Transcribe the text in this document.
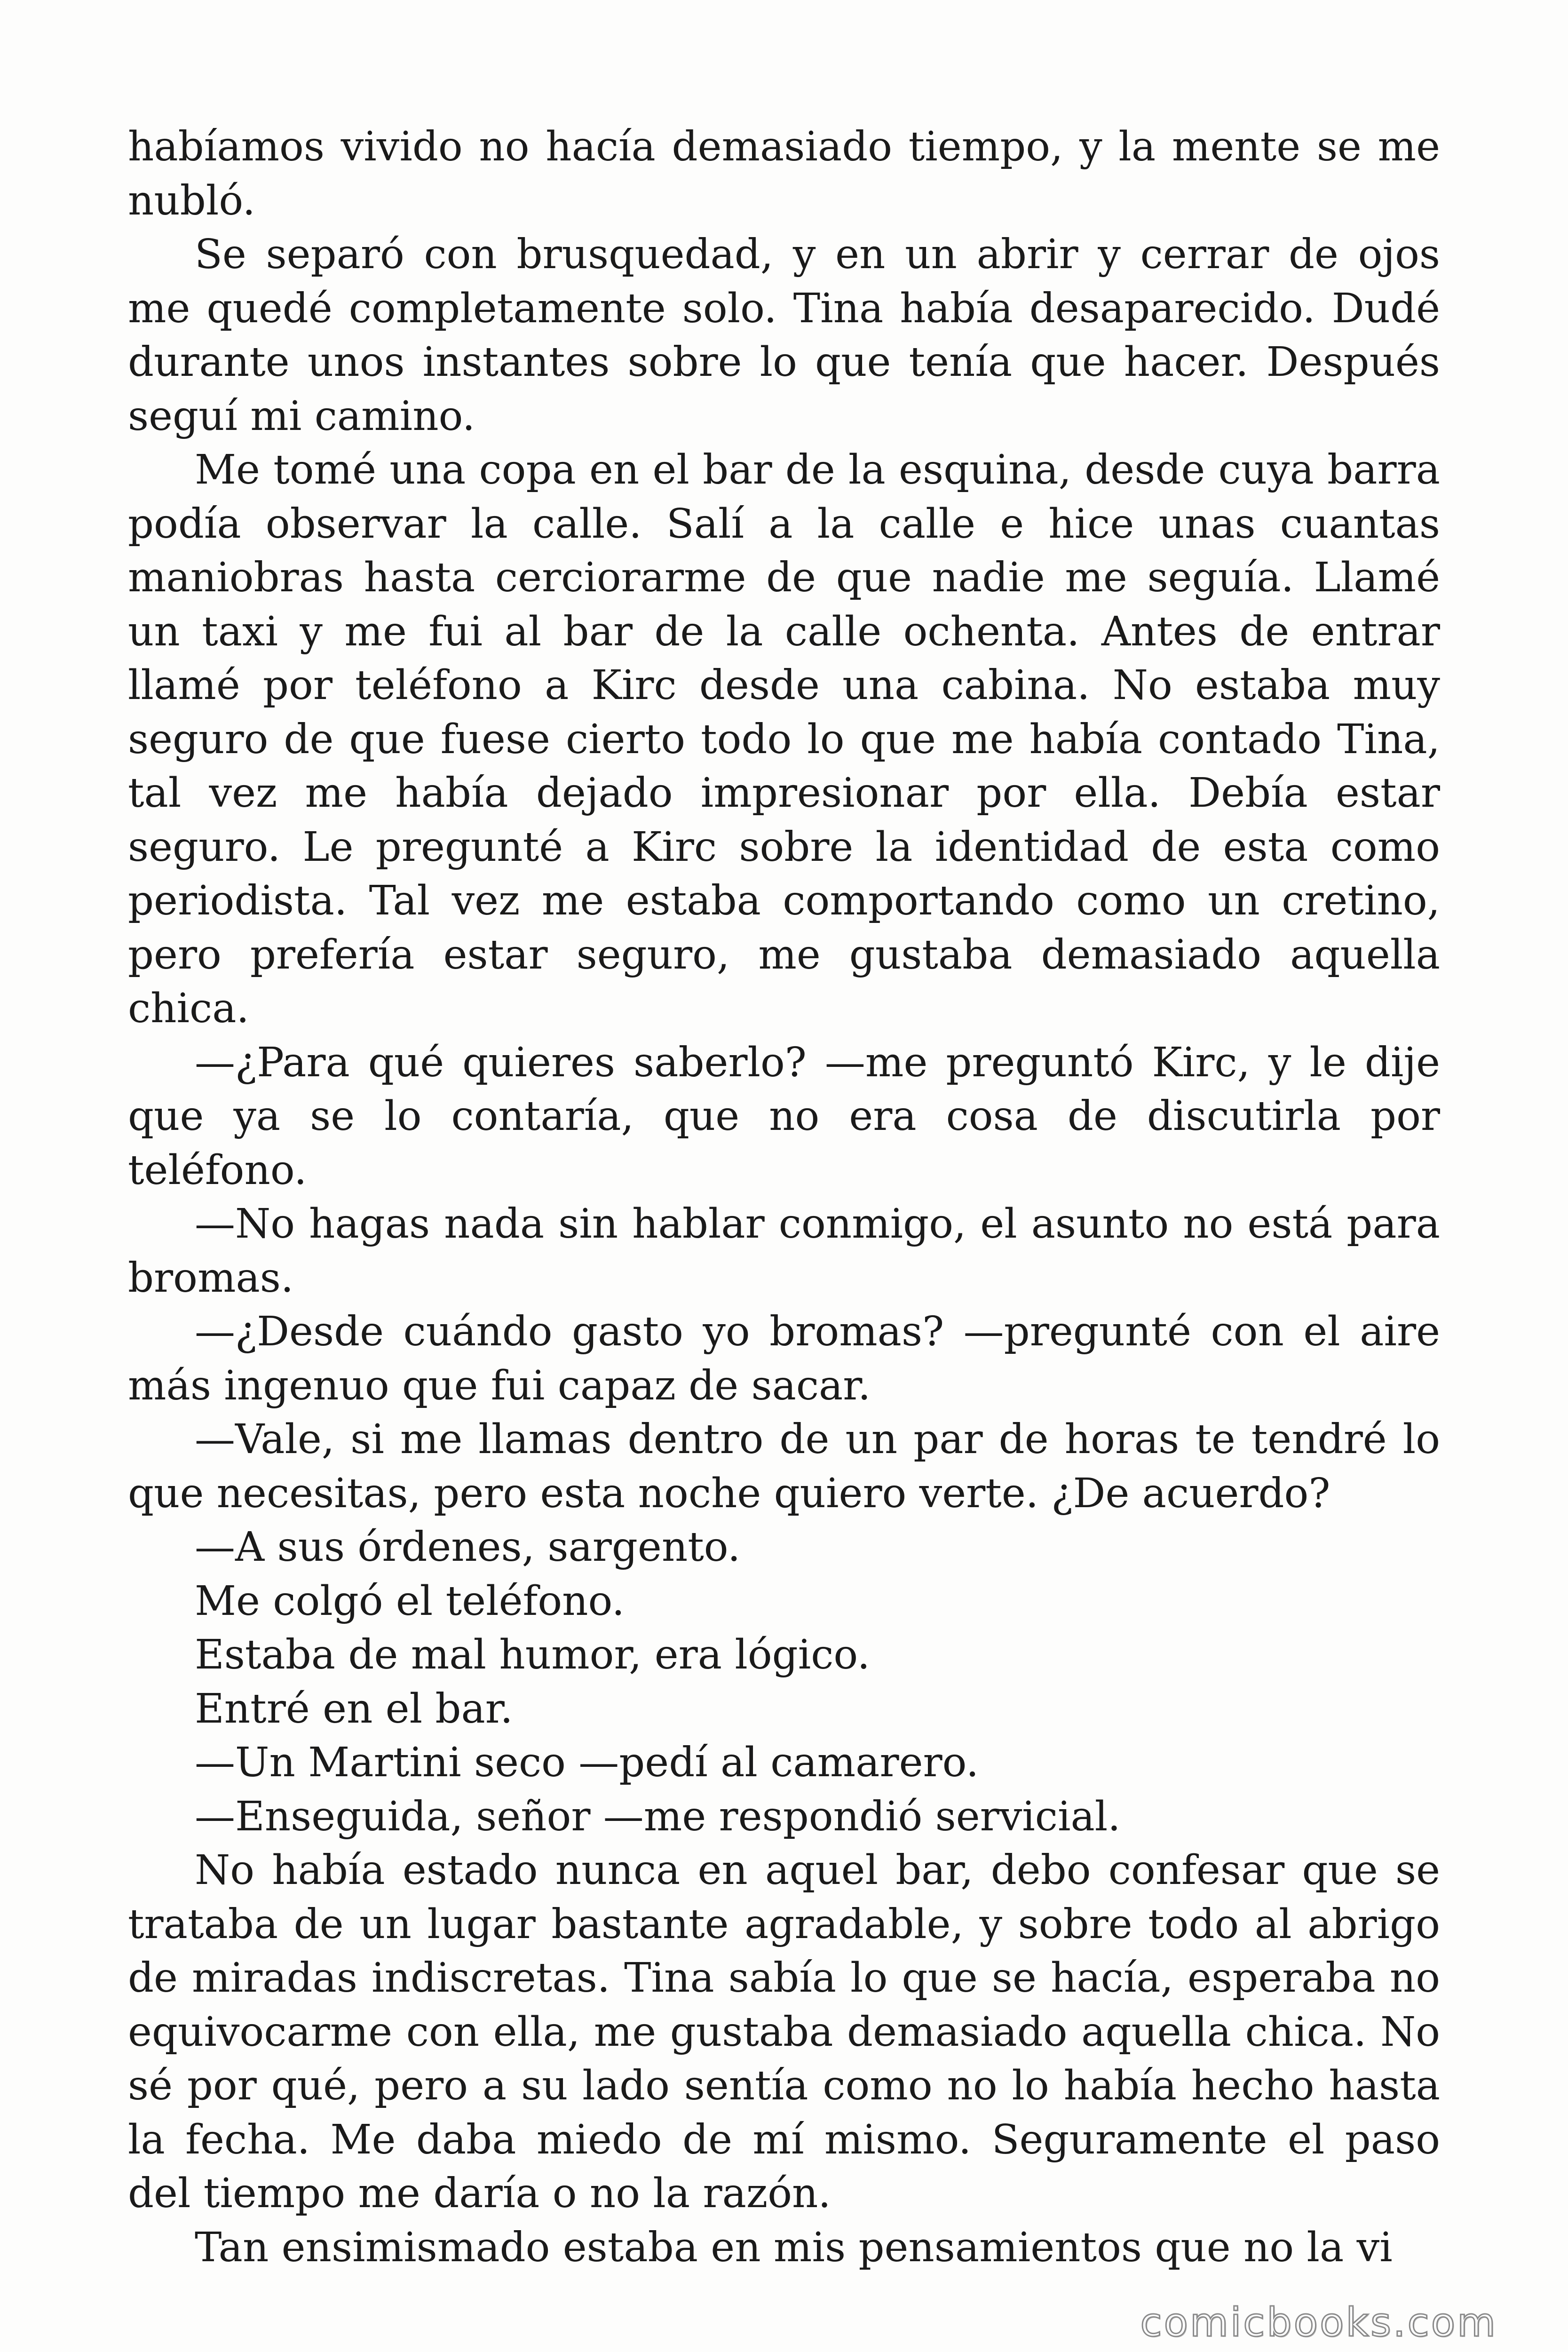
habíamos vivido no hacía demasiado tiempo, y la mente se me nubló.

Se separó con brusquedad, y en un abrir y cerrar de ojos me quedé completamente solo. Tina había desaparecido. Dudé durante unos instantes sobre lo que tenía que hacer. Después seguí mi camino.

Me tomé una copa en el bar de la esquina, desde cuya barra podía observar la calle. Salí a la calle e hice unas cuantas maniobras hasta cerciorarme de que nadie me seguía. Llamé un taxi y me fui al bar de la calle ochenta. Antes de entrar llamé por teléfono a Kirc desde una cabina. No estaba muy seguro de que fuese cierto todo lo que me había contado Tina, tal vez me había dejado impresionar por ella. Debía estar seguro. Le pregunté a Kirc sobre la identidad de esta como periodista. Tal vez me estaba comportando como un cretino, pero prefería estar seguro, me gustaba demasiado aquella chica.

—¿Para qué quieres saberlo? —me preguntó Kirc, y le dije que ya se lo contaría, que no era cosa de discutirla por teléfono.

—No hagas nada sin hablar conmigo, el asunto no está para bromas.

—¿Desde cuándo gasto yo bromas? —pregunté con el aire más ingenuo que fui capaz de sacar.

—Vale, si me llamas dentro de un par de horas te tendré lo que necesitas, pero esta noche quiero verte. ¿De acuerdo?

—A sus órdenes, sargento.

Me colgó el teléfono.

Estaba de mal humor, era lógico.

Entré en el bar.

—Un Martini seco —pedí al camarero.

—Enseguida, señor —me respondió servicial.

No había estado nunca en aquel bar, debo confesar que se trataba de un lugar bastante agradable, y sobre todo al abrigo de miradas indiscretas. Tina sabía lo que se hacía, esperaba no equivocarme con ella, me gustaba demasiado aquella chica. No sé por qué, pero a su lado sentía como no lo había hecho hasta la fecha. Me daba miedo de mí mismo. Seguramente el paso del tiempo me daría o no la razón.

Tan ensimismado estaba en mis pensamientos que no la vi

comicbooks.com
